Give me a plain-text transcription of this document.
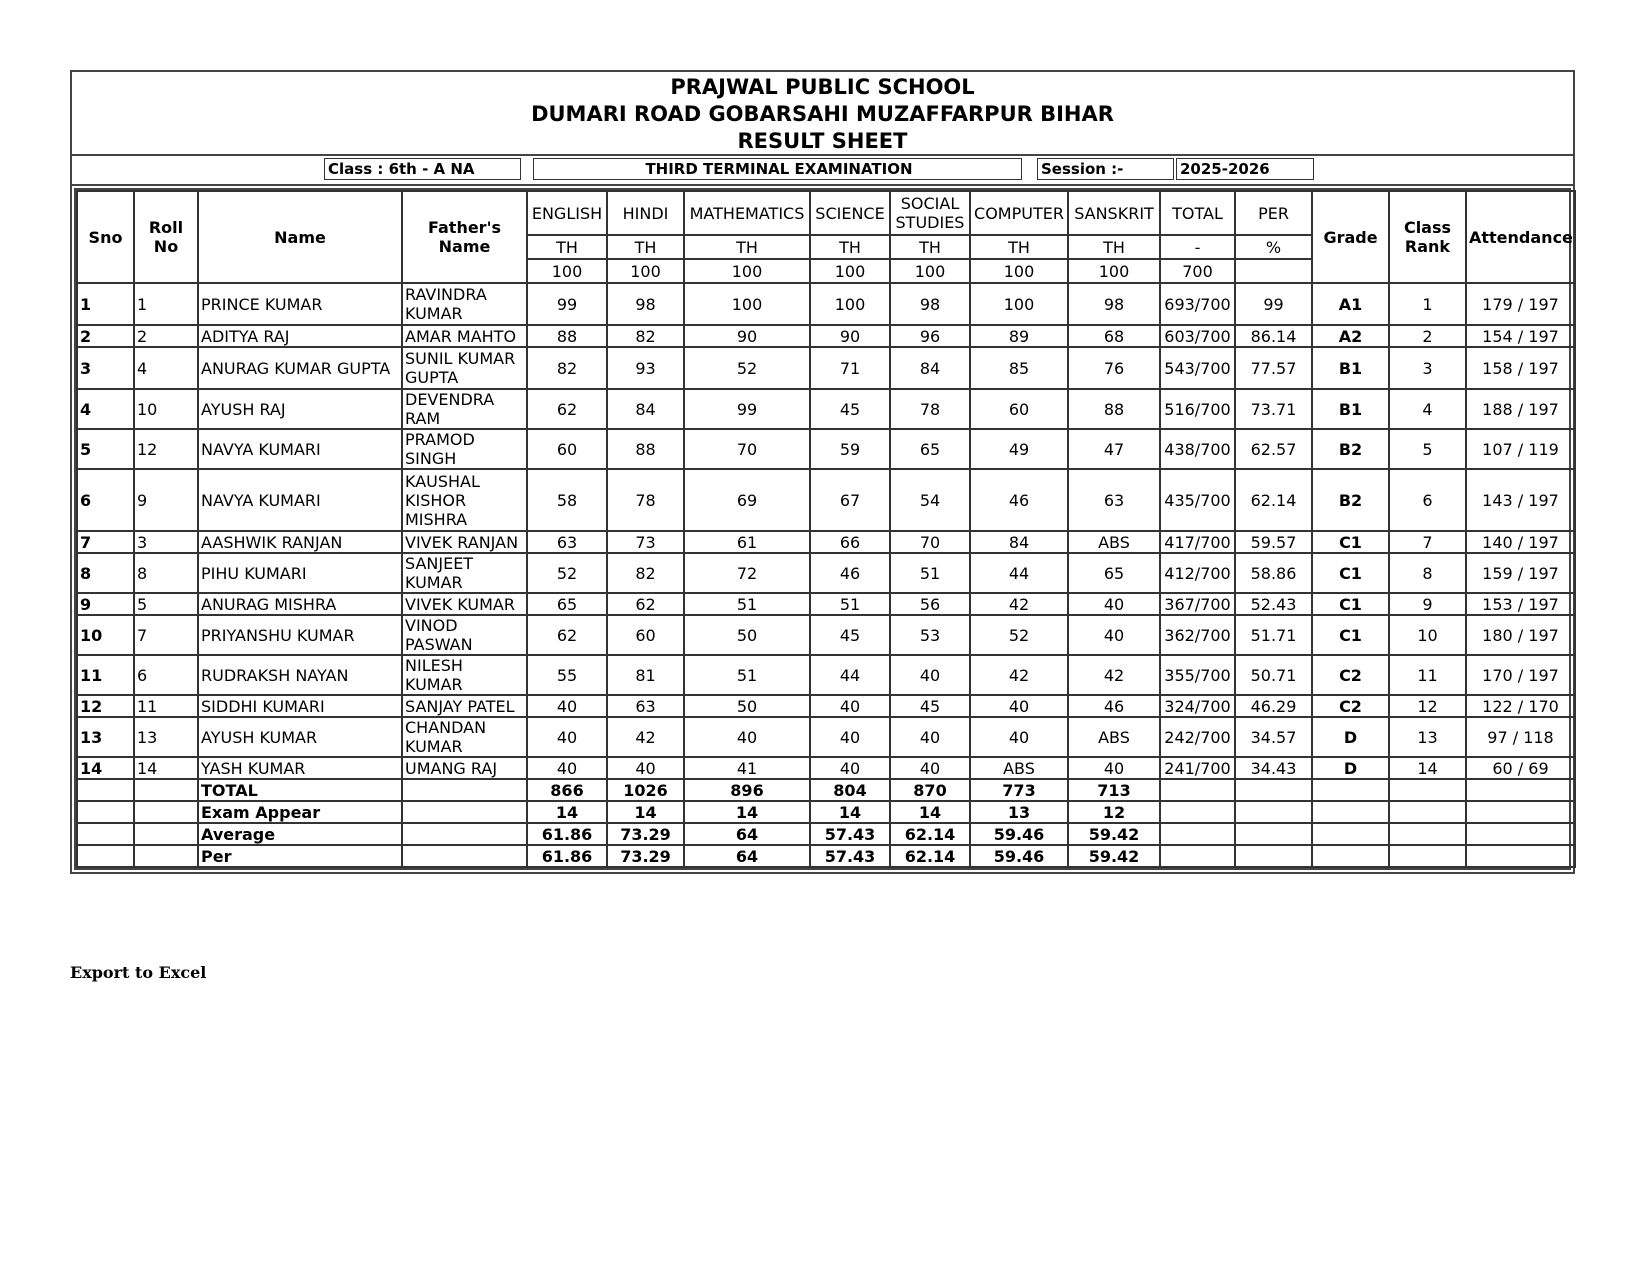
PRAJWAL PUBLIC SCHOOL
DUMARI ROAD GOBARSAHI MUZAFFARPUR BIHAR
RESULT SHEET
Class : 6th - A NA	THIRD TERMINAL EXAMINATION	Session :-	2025-2026
Sno	Roll No	Name	Father's Name	ENGLISH	HINDI	MATHEMATICS	SCIENCE	SOCIAL STUDIES	COMPUTER	SANSKRIT	TOTAL	PER	Grade	Class Rank	Attendance
				TH	TH	TH	TH	TH	TH	TH	-	%			
				100	100	100	100	100	100	100	700				
1	1	PRINCE KUMAR	RAVINDRA KUMAR	99	98	100	100	98	100	98	693/700	99	A1	1	179 / 197
2	2	ADITYA RAJ	AMAR MAHTO	88	82	90	90	96	89	68	603/700	86.14	A2	2	154 / 197
3	4	ANURAG KUMAR GUPTA	SUNIL KUMAR GUPTA	82	93	52	71	84	85	76	543/700	77.57	B1	3	158 / 197
4	10	AYUSH RAJ	DEVENDRA RAM	62	84	99	45	78	60	88	516/700	73.71	B1	4	188 / 197
5	12	NAVYA KUMARI	PRAMOD SINGH	60	88	70	59	65	49	47	438/700	62.57	B2	5	107 / 119
6	9	NAVYA KUMARI	KAUSHAL KISHOR MISHRA	58	78	69	67	54	46	63	435/700	62.14	B2	6	143 / 197
7	3	AASHWIK RANJAN	VIVEK RANJAN	63	73	61	66	70	84	ABS	417/700	59.57	C1	7	140 / 197
8	8	PIHU KUMARI	SANJEET KUMAR	52	82	72	46	51	44	65	412/700	58.86	C1	8	159 / 197
9	5	ANURAG MISHRA	VIVEK KUMAR	65	62	51	51	56	42	40	367/700	52.43	C1	9	153 / 197
10	7	PRIYANSHU KUMAR	VINOD PASWAN	62	60	50	45	53	52	40	362/700	51.71	C1	10	180 / 197
11	6	RUDRAKSH NAYAN	NILESH KUMAR	55	81	51	44	40	42	42	355/700	50.71	C2	11	170 / 197
12	11	SIDDHI KUMARI	SANJAY PATEL	40	63	50	40	45	40	46	324/700	46.29	C2	12	122 / 170
13	13	AYUSH KUMAR	CHANDAN KUMAR	40	42	40	40	40	40	ABS	242/700	34.57	D	13	97 / 118
14	14	YASH KUMAR	UMANG RAJ	40	40	41	40	40	ABS	40	241/700	34.43	D	14	60 / 69
		TOTAL		866	1026	896	804	870	773	713					
		Exam Appear		14	14	14	14	14	13	12					
		Average		61.86	73.29	64	57.43	62.14	59.46	59.42					
		Per		61.86	73.29	64	57.43	62.14	59.46	59.42					
Export to Excel
